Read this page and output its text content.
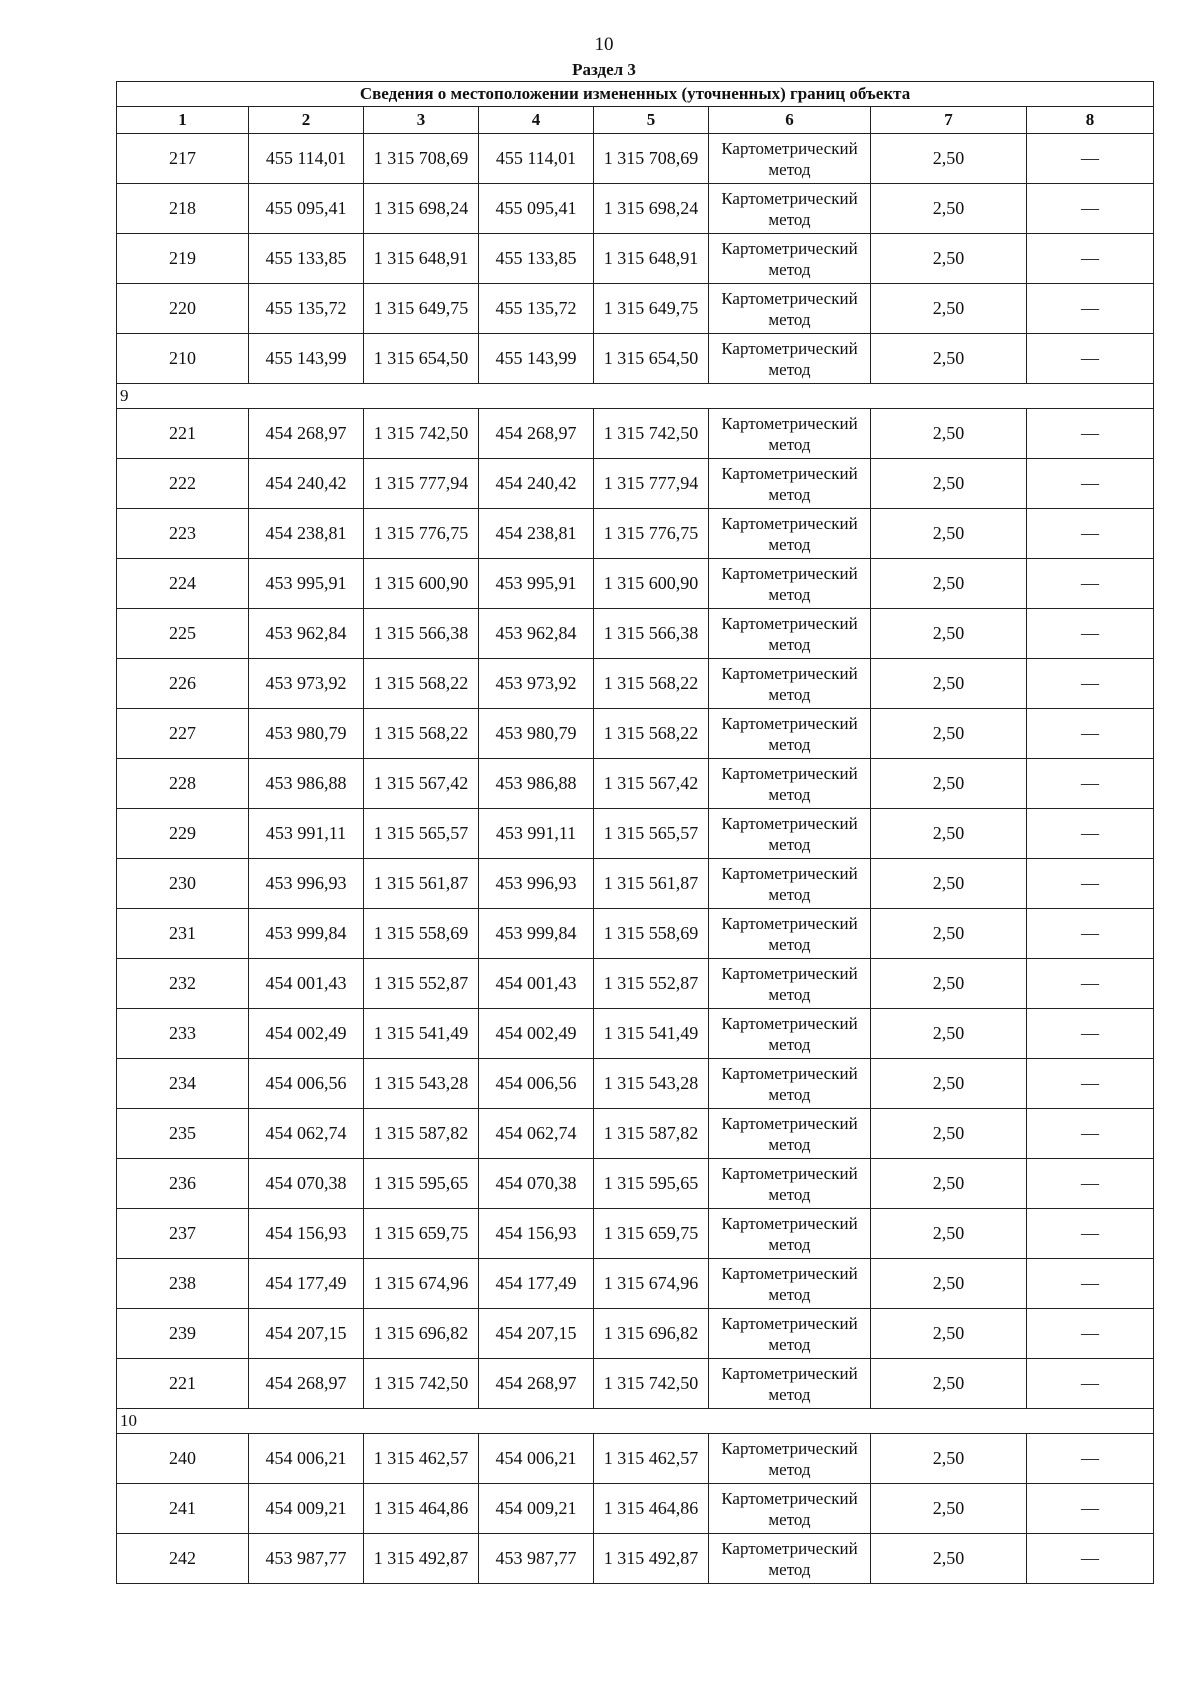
10
Раздел 3
Сведения о местоположении измененных (уточненных) границ объекта							
1	2	3	4	5	6	7	8
217	455 114,01	1 315 708,69	455 114,01	1 315 708,69	Картометрический метод	2,50	—
218	455 095,41	1 315 698,24	455 095,41	1 315 698,24	Картометрический метод	2,50	—
219	455 133,85	1 315 648,91	455 133,85	1 315 648,91	Картометрический метод	2,50	—
220	455 135,72	1 315 649,75	455 135,72	1 315 649,75	Картометрический метод	2,50	—
210	455 143,99	1 315 654,50	455 143,99	1 315 654,50	Картометрический метод	2,50	—
9							
221	454 268,97	1 315 742,50	454 268,97	1 315 742,50	Картометрический метод	2,50	—
222	454 240,42	1 315 777,94	454 240,42	1 315 777,94	Картометрический метод	2,50	—
223	454 238,81	1 315 776,75	454 238,81	1 315 776,75	Картометрический метод	2,50	—
224	453 995,91	1 315 600,90	453 995,91	1 315 600,90	Картометрический метод	2,50	—
225	453 962,84	1 315 566,38	453 962,84	1 315 566,38	Картометрический метод	2,50	—
226	453 973,92	1 315 568,22	453 973,92	1 315 568,22	Картометрический метод	2,50	—
227	453 980,79	1 315 568,22	453 980,79	1 315 568,22	Картометрический метод	2,50	—
228	453 986,88	1 315 567,42	453 986,88	1 315 567,42	Картометрический метод	2,50	—
229	453 991,11	1 315 565,57	453 991,11	1 315 565,57	Картометрический метод	2,50	—
230	453 996,93	1 315 561,87	453 996,93	1 315 561,87	Картометрический метод	2,50	—
231	453 999,84	1 315 558,69	453 999,84	1 315 558,69	Картометрический метод	2,50	—
232	454 001,43	1 315 552,87	454 001,43	1 315 552,87	Картометрический метод	2,50	—
233	454 002,49	1 315 541,49	454 002,49	1 315 541,49	Картометрический метод	2,50	—
234	454 006,56	1 315 543,28	454 006,56	1 315 543,28	Картометрический метод	2,50	—
235	454 062,74	1 315 587,82	454 062,74	1 315 587,82	Картометрический метод	2,50	—
236	454 070,38	1 315 595,65	454 070,38	1 315 595,65	Картометрический метод	2,50	—
237	454 156,93	1 315 659,75	454 156,93	1 315 659,75	Картометрический метод	2,50	—
238	454 177,49	1 315 674,96	454 177,49	1 315 674,96	Картометрический метод	2,50	—
239	454 207,15	1 315 696,82	454 207,15	1 315 696,82	Картометрический метод	2,50	—
221	454 268,97	1 315 742,50	454 268,97	1 315 742,50	Картометрический метод	2,50	—
10							
240	454 006,21	1 315 462,57	454 006,21	1 315 462,57	Картометрический метод	2,50	—
241	454 009,21	1 315 464,86	454 009,21	1 315 464,86	Картометрический метод	2,50	—
242	453 987,77	1 315 492,87	453 987,77	1 315 492,87	Картометрический метод	2,50	—
